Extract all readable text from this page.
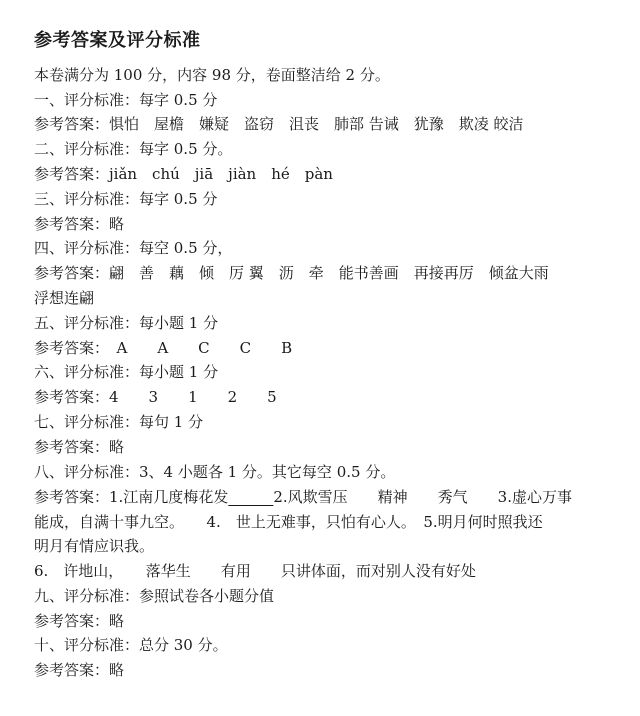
参考答案及评分标准
本卷满分为 100 分，内容 98 分，卷面整洁给 2 分。
一、评分标准：每字 0.5 分
参考答案：惧怕　屋檐　嫌疑　盗窃　沮丧　肺部 告诫　犹豫　欺凌 皎洁
二、评分标准：每字 0.5 分。
参考答案：jiǎn　chú　jiā　jiàn　hé　pàn
三、评分标准：每字 0.5 分
参考答案：略
四、评分标准：每空 0.5 分，
参考答案：翩　善　藕　倾　厉 翼　沥　牵　能书善画　再接再厉　倾盆大雨
浮想连翩
五、评分标准：每小题 1 分
参考答案：　A　　A　　C　　C　　B
六、评分标准：每小题 1 分
参考答案：4　　3　　1　　2　　5
七、评分标准：每句 1 分
参考答案：略
八、评分标准：3、4 小题各 1 分。其它每空 0.5 分。
参考答案：1.江南几度梅花发　　　	2.风欺雪压　　精神　　秀气　　3.虚心万事
能成，自满十事九空。　　4.　世上无难事，只怕有心人。　5.明月何时照我还
明月有情应识我。
6.　许地山，　　落华生　　有用　　只讲体面，而对别人没有好处
九、评分标准：参照试卷各小题分值
参考答案：略
十、评分标准：总分 30 分。
参考答案：略
